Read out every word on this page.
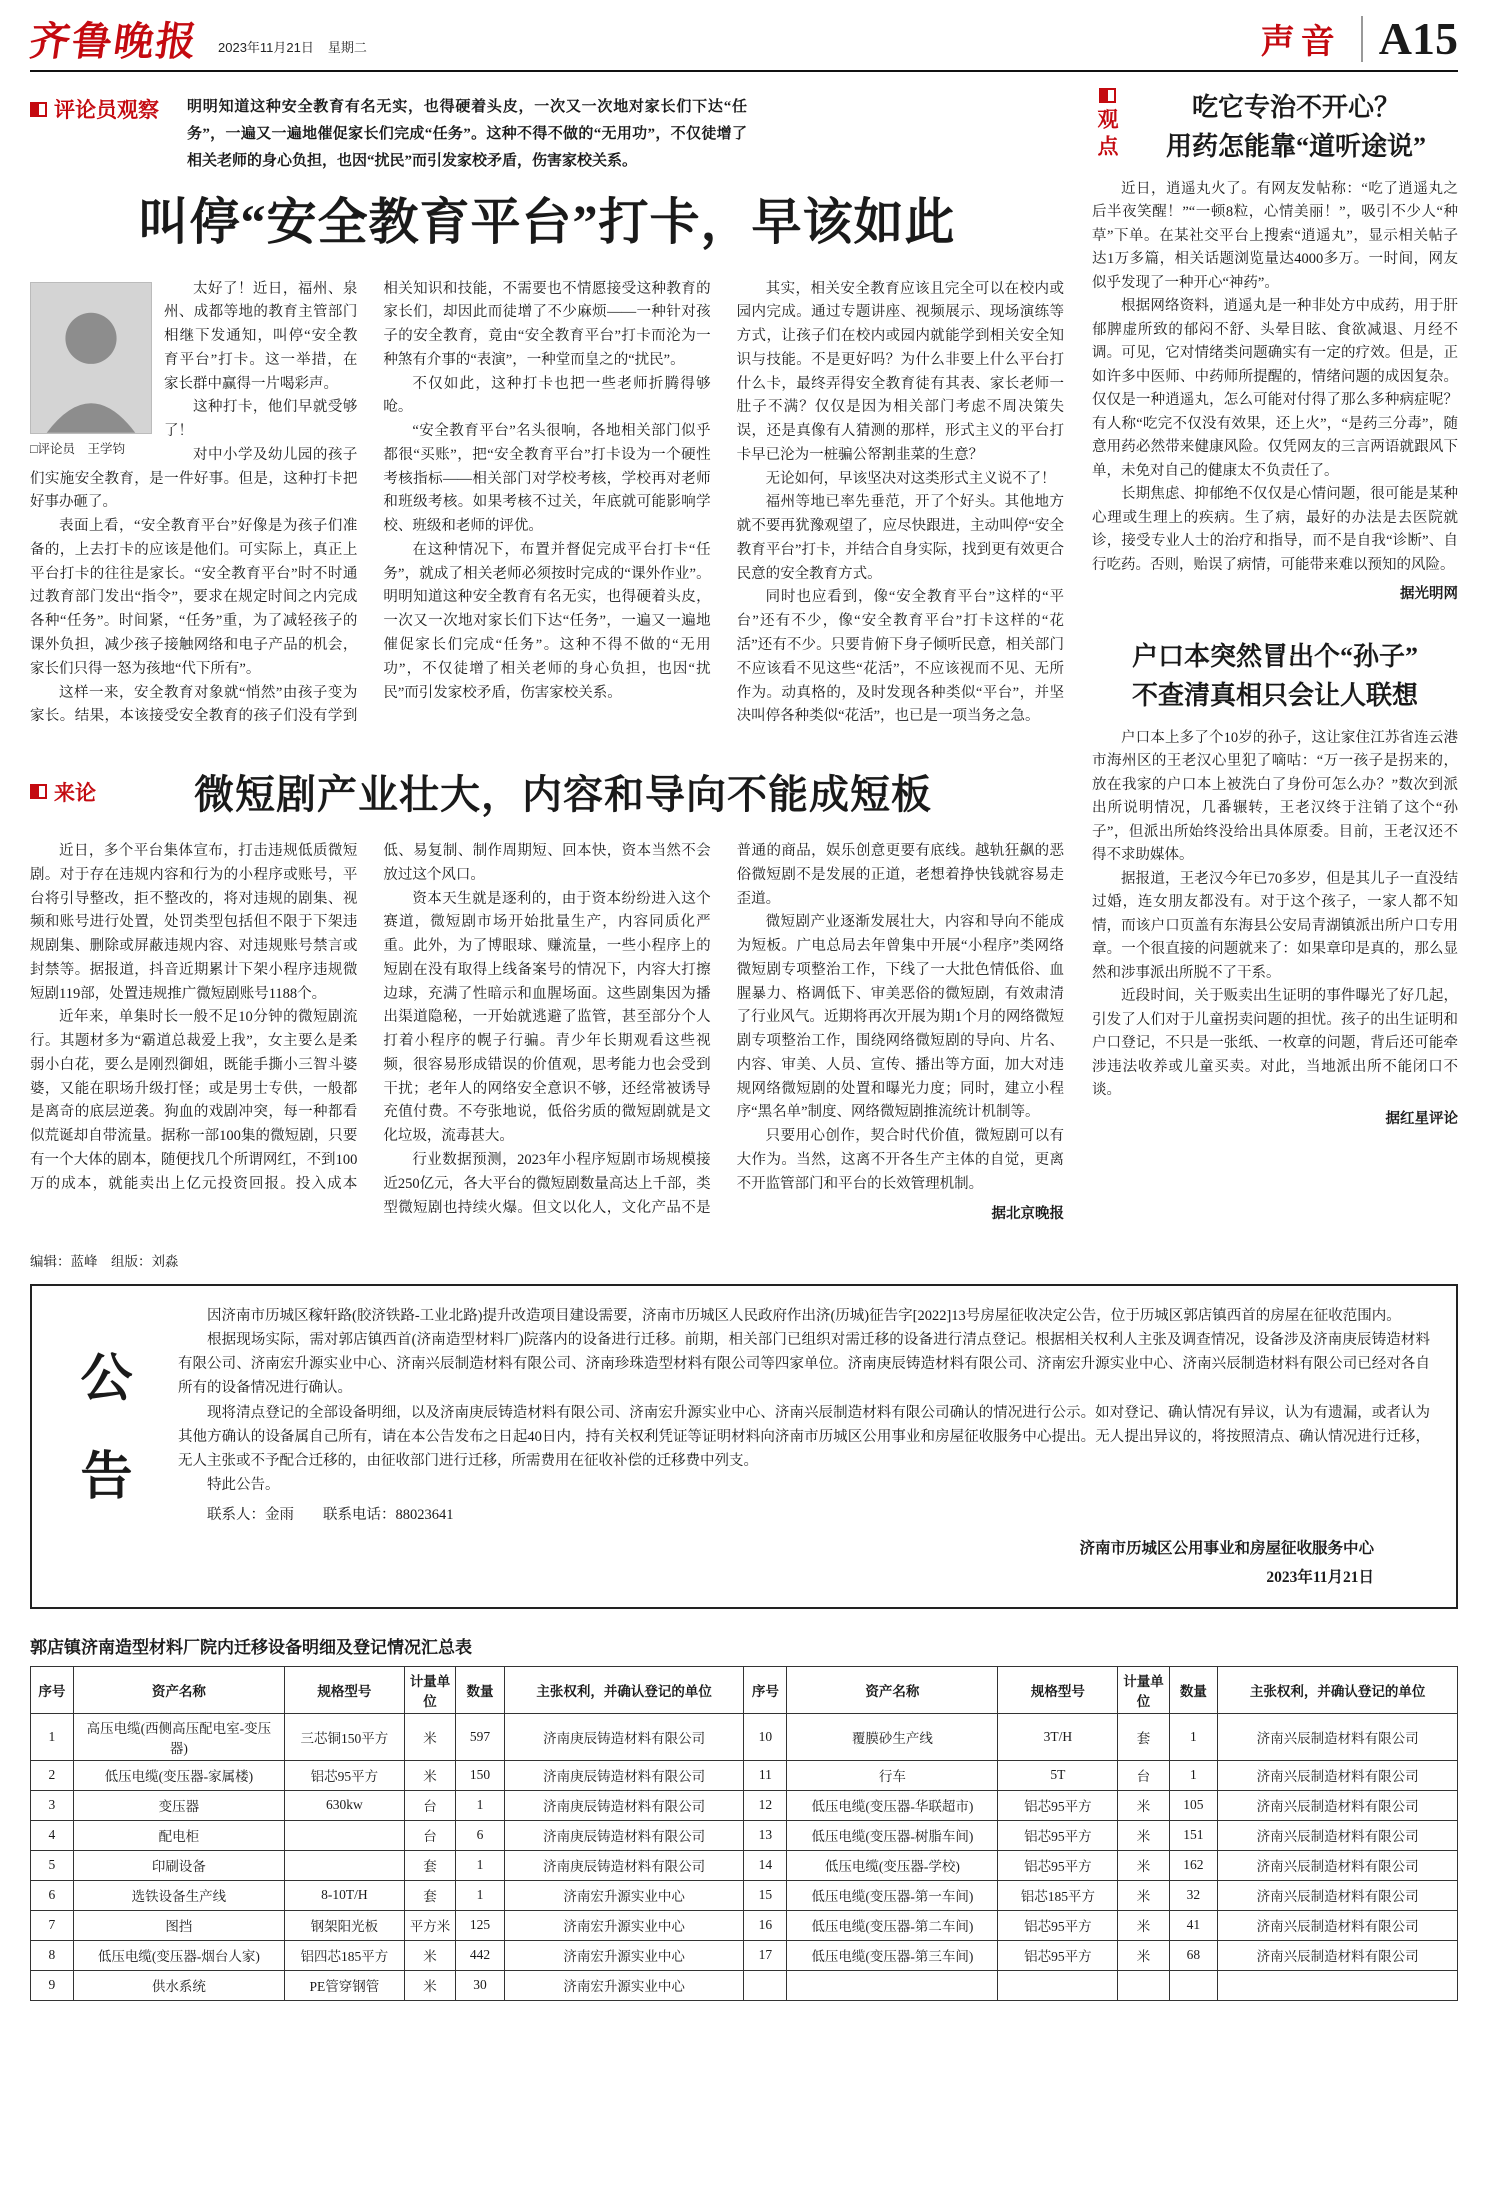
齐鲁晚报 2023年11月21日 星期二	声音 A15
评论员观察 明明知道这种安全教育有名无实，也得硬着头皮，一次又一次地对家长们下达“任务”，一遍又一遍地催促家长们完成“任务”。这种不得不做的“无用功”，不仅徒增了相关老师的身心负担，也因“扰民”而引发家校矛盾，伤害家校关系。
叫停“安全教育平台”打卡，早该如此
□评论员　王学钧

太好了！近日，福州、泉州、成都等地的教育主管部门相继下发通知，叫停“安全教育平台”打卡。这一举措，在家长群中赢得一片喝彩声。

这种打卡，他们早就受够了！

对中小学及幼儿园的孩子们实施安全教育，是一件好事。但是，这种打卡把好事办砸了。

表面上看，“安全教育平台”好像是为孩子们准备的，上去打卡的应该是他们。可实际上，真正上平台打卡的往往是家长。“安全教育平台”时不时通过教育部门发出“指令”，要求在规定时间之内完成各种“任务”。时间紧，“任务”重，为了减轻孩子的课外负担，减少孩子接触网络和电子产品的机会，家长们只得一怒为孩地“代下所有”。

这样一来，安全教育对象就“悄然”由孩子变为家长。结果，本该接受安全教育的孩子们没有学到相关知识和技能，不需要也不情愿接受这种教育的家长们，却因此而徒增了不少麻烦——一种针对孩子的安全教育，竟由“安全教育平台”打卡而沦为一种煞有介事的“表演”，一种堂而皇之的“扰民”。

不仅如此，这种打卡也把一些老师折腾得够呛。

“安全教育平台”名头很响，各地相关部门似乎都很“买账”，把“安全教育平台”打卡设为一个硬性考核指标——相关部门对学校考核，学校再对老师和班级考核。如果考核不过关，年底就可能影响学校、班级和老师的评优。

在这种情况下，布置并督促完成平台打卡“任务”，就成了相关老师必须按时完成的“课外作业”。明明知道这种安全教育有名无实，也得硬着头皮，一次又一次地对家长们下达“任务”，一遍又一遍地催促家长们完成“任务”。这种不得不做的“无用功”，不仅徒增了相关老师的身心负担，也因“扰民”而引发家校矛盾，伤害家校关系。

其实，相关安全教育应该且完全可以在校内或园内完成。通过专题讲座、视频展示、现场演练等方式，让孩子们在校内或园内就能学到相关安全知识与技能。不是更好吗？为什么非要上什么平台打什么卡，最终弄得安全教育徒有其表、家长老师一肚子不满？仅仅是因为相关部门考虑不周决策失误，还是真像有人猜测的那样，形式主义的平台打卡早已沦为一桩骗公帑割韭菜的生意？

无论如何，早该坚决对这类形式主义说不了！

福州等地已率先垂范，开了个好头。其他地方就不要再犹豫观望了，应尽快跟进，主动叫停“安全教育平台”打卡，并结合自身实际，找到更有效更合民意的安全教育方式。

同时也应看到，像“安全教育平台”这样的“平台”还有不少，像“安全教育平台”打卡这样的“花活”还有不少。只要肯俯下身子倾听民意，相关部门不应该看不见这些“花活”，不应该视而不见、无所作为。动真格的，及时发现各种类似“平台”，并坚决叫停各种类似“花活”，也已是一项当务之急。

来论	微短剧产业壮大，内容和导向不能成短板

近日，多个平台集体宣布，打击违规低质微短剧。对于存在违规内容和行为的小程序或账号，平台将引导整改，拒不整改的，将对违规的剧集、视频和账号进行处置，处罚类型包括但不限于下架违规剧集、删除或屏蔽违规内容、对违规账号禁言或封禁等。据报道，抖音近期累计下架小程序违规微短剧119部，处置违规推广微短剧账号1188个。

近年来，单集时长一般不足10分钟的微短剧流行。其题材多为“霸道总裁爱上我”，女主要么是柔弱小白花，要么是刚烈御姐，既能手撕小三智斗婆婆，又能在职场升级打怪；或是男士专供，一般都是离奇的底层逆袭。狗血的戏剧冲突，每一种都看似荒诞却自带流量。据称一部100集的微短剧，只要有一个大体的剧本，随便找几个所谓网红，不到100万的成本，就能卖出上亿元投资回报。投入成本低、易复制、制作周期短、回本快，资本当然不会放过这个风口。

资本天生就是逐利的，由于资本纷纷进入这个赛道，微短剧市场开始批量生产，内容同质化严重。此外，为了博眼球、赚流量，一些小程序上的短剧在没有取得上线备案号的情况下，内容大打擦边球，充满了性暗示和血腥场面。这些剧集因为播出渠道隐秘，一开始就逃避了监管，甚至部分个人打着小程序的幌子行骗。青少年长期观看这些视频，很容易形成错误的价值观，思考能力也会受到干扰；老年人的网络安全意识不够，还经常被诱导充值付费。不夸张地说，低俗劣质的微短剧就是文化垃圾，流毒甚大。

行业数据预测，2023年小程序短剧市场规模接近250亿元，各大平台的微短剧数量高达上千部，类型微短剧也持续火爆。但文以化人，文化产品不是普通的商品，娱乐创意更要有底线。越轨狂飙的恶俗微短剧不是发展的正道，老想着挣快钱就容易走歪道。

微短剧产业逐渐发展壮大，内容和导向不能成为短板。广电总局去年曾集中开展“小程序”类网络微短剧专项整治工作，下线了一大批色情低俗、血腥暴力、格调低下、审美恶俗的微短剧，有效肃清了行业风气。近期将再次开展为期1个月的网络微短剧专项整治工作，围绕网络微短剧的导向、片名、内容、审美、人员、宣传、播出等方面，加大对违规网络微短剧的处置和曝光力度；同时，建立小程序“黑名单”制度、网络微短剧推流统计机制等。

只要用心创作，契合时代价值，微短剧可以有大作为。当然，这离不开各生产主体的自觉，更离不开监管部门和平台的长效管理机制。

据北京晚报

观点
吃它专治不开心？
用药怎能靠“道听途说”

近日，逍遥丸火了。有网友发帖称：“吃了逍遥丸之后半夜笑醒！”“一顿8粒，心情美丽！”，吸引不少人“种草”下单。在某社交平台上搜索“逍遥丸”，显示相关帖子达1万多篇，相关话题浏览量达4000多万。一时间，网友似乎发现了一种开心“神药”。

根据网络资料，逍遥丸是一种非处方中成药，用于肝郁脾虚所致的郁闷不舒、头晕目眩、食欲减退、月经不调。可见，它对情绪类问题确实有一定的疗效。但是，正如许多中医师、中药师所提醒的，情绪问题的成因复杂。仅仅是一种逍遥丸，怎么可能对付得了那么多种病症呢？有人称“吃完不仅没有效果，还上火”，“是药三分毒”，随意用药必然带来健康风险。仅凭网友的三言两语就跟风下单，未免对自己的健康太不负责任了。

长期焦虑、抑郁绝不仅仅是心情问题，很可能是某种心理或生理上的疾病。生了病，最好的办法是去医院就诊，接受专业人士的治疗和指导，而不是自我“诊断”、自行吃药。否则，贻误了病情，可能带来难以预知的风险。

据光明网

户口本突然冒出个“孙子”
不查清真相只会让人联想

户口本上多了个10岁的孙子，这让家住江苏省连云港市海州区的王老汉心里犯了嘀咕：“万一孩子是拐来的，放在我家的户口本上被洗白了身份可怎么办？”数次到派出所说明情况，几番辗转，王老汉终于注销了这个“孙子”，但派出所始终没给出具体原委。目前，王老汉还不得不求助媒体。

据报道，王老汉今年已70多岁，但是其儿子一直没结过婚，连女朋友都没有。对于这个孩子，一家人都不知情，而该户口页盖有东海县公安局青湖镇派出所户口专用章。一个很直接的问题就来了：如果章印是真的，那么显然和涉事派出所脱不了干系。

近段时间，关于贩卖出生证明的事件曝光了好几起，引发了人们对于儿童拐卖问题的担忧。孩子的出生证明和户口登记，不只是一张纸、一枚章的问题，背后还可能牵涉违法收养或儿童买卖。对此，当地派出所不能闭口不谈。

据红星评论

编辑：蓝峰　组版：刘淼
公告

因济南市历城区稼轩路(胶济铁路-工业北路)提升改造项目建设需要，济南市历城区人民政府作出济(历城)征告字[2022]13号房屋征收决定公告，位于历城区郭店镇西首的房屋在征收范围内。

根据现场实际，需对郭店镇西首(济南造型材料厂)院落内的设备进行迁移。前期，相关部门已组织对需迁移的设备进行清点登记。根据相关权利人主张及调查情况，设备涉及济南庚辰铸造材料有限公司、济南宏升源实业中心、济南兴辰制造材料有限公司、济南珍珠造型材料有限公司等四家单位。济南庚辰铸造材料有限公司、济南宏升源实业中心、济南兴辰制造材料有限公司已经对各自所有的设备情况进行确认。

现将清点登记的全部设备明细，以及济南庚辰铸造材料有限公司、济南宏升源实业中心、济南兴辰制造材料有限公司确认的情况进行公示。如对登记、确认情况有异议，认为有遗漏，或者认为其他方确认的设备属自己所有，请在本公告发布之日起40日内，持有关权利凭证等证明材料向济南市历城区公用事业和房屋征收服务中心提出。无人提出异议的，将按照清点、确认情况进行迁移，无人主张或不予配合迁移的，由征收部门进行迁移，所需费用在征收补偿的迁移费中列支。

特此公告。

联系人：金雨　　联系电话：88023641
济南市历城区公用事业和房屋征收服务中心
2023年11月21日
郭店镇济南造型材料厂院内迁移设备明细及登记情况汇总表
序号	资产名称	规格型号	计量单位	数量	主张权利，并确认登记的单位	序号	资产名称	规格型号	计量单位	数量	主张权利，并确认登记的单位
1	高压电缆(西侧高压配电室-变压器)	三芯铜150平方	米	597	济南庚辰铸造材料有限公司	10	覆膜砂生产线	3T/H	套	1	济南兴辰制造材料有限公司
2	低压电缆(变压器-家属楼)	铝芯95平方	米	150	济南庚辰铸造材料有限公司	11	行车	5T	台	1	济南兴辰制造材料有限公司
3	变压器	630kw	台	1	济南庚辰铸造材料有限公司	12	低压电缆(变压器-华联超市)	铝芯95平方	米	105	济南兴辰制造材料有限公司
4	配电柜		台	6	济南庚辰铸造材料有限公司	13	低压电缆(变压器-树脂车间)	铝芯95平方	米	151	济南兴辰制造材料有限公司
5	印刷设备		套	1	济南庚辰铸造材料有限公司	14	低压电缆(变压器-学校)	铝芯95平方	米	162	济南兴辰制造材料有限公司
6	选铁设备生产线	8-10T/H	套	1	济南宏升源实业中心	15	低压电缆(变压器-第一车间)	铝芯185平方	米	32	济南兴辰制造材料有限公司
7	图挡	钢架阳光板	平方米	125	济南宏升源实业中心	16	低压电缆(变压器-第二车间)	铝芯95平方	米	41	济南兴辰制造材料有限公司
8	低压电缆(变压器-烟台人家)	铝四芯185平方	米	442	济南宏升源实业中心	17	低压电缆(变压器-第三车间)	铝芯95平方	米	68	济南兴辰制造材料有限公司
9	供水系统	PE管穿钢管	米	30	济南宏升源实业中心						
